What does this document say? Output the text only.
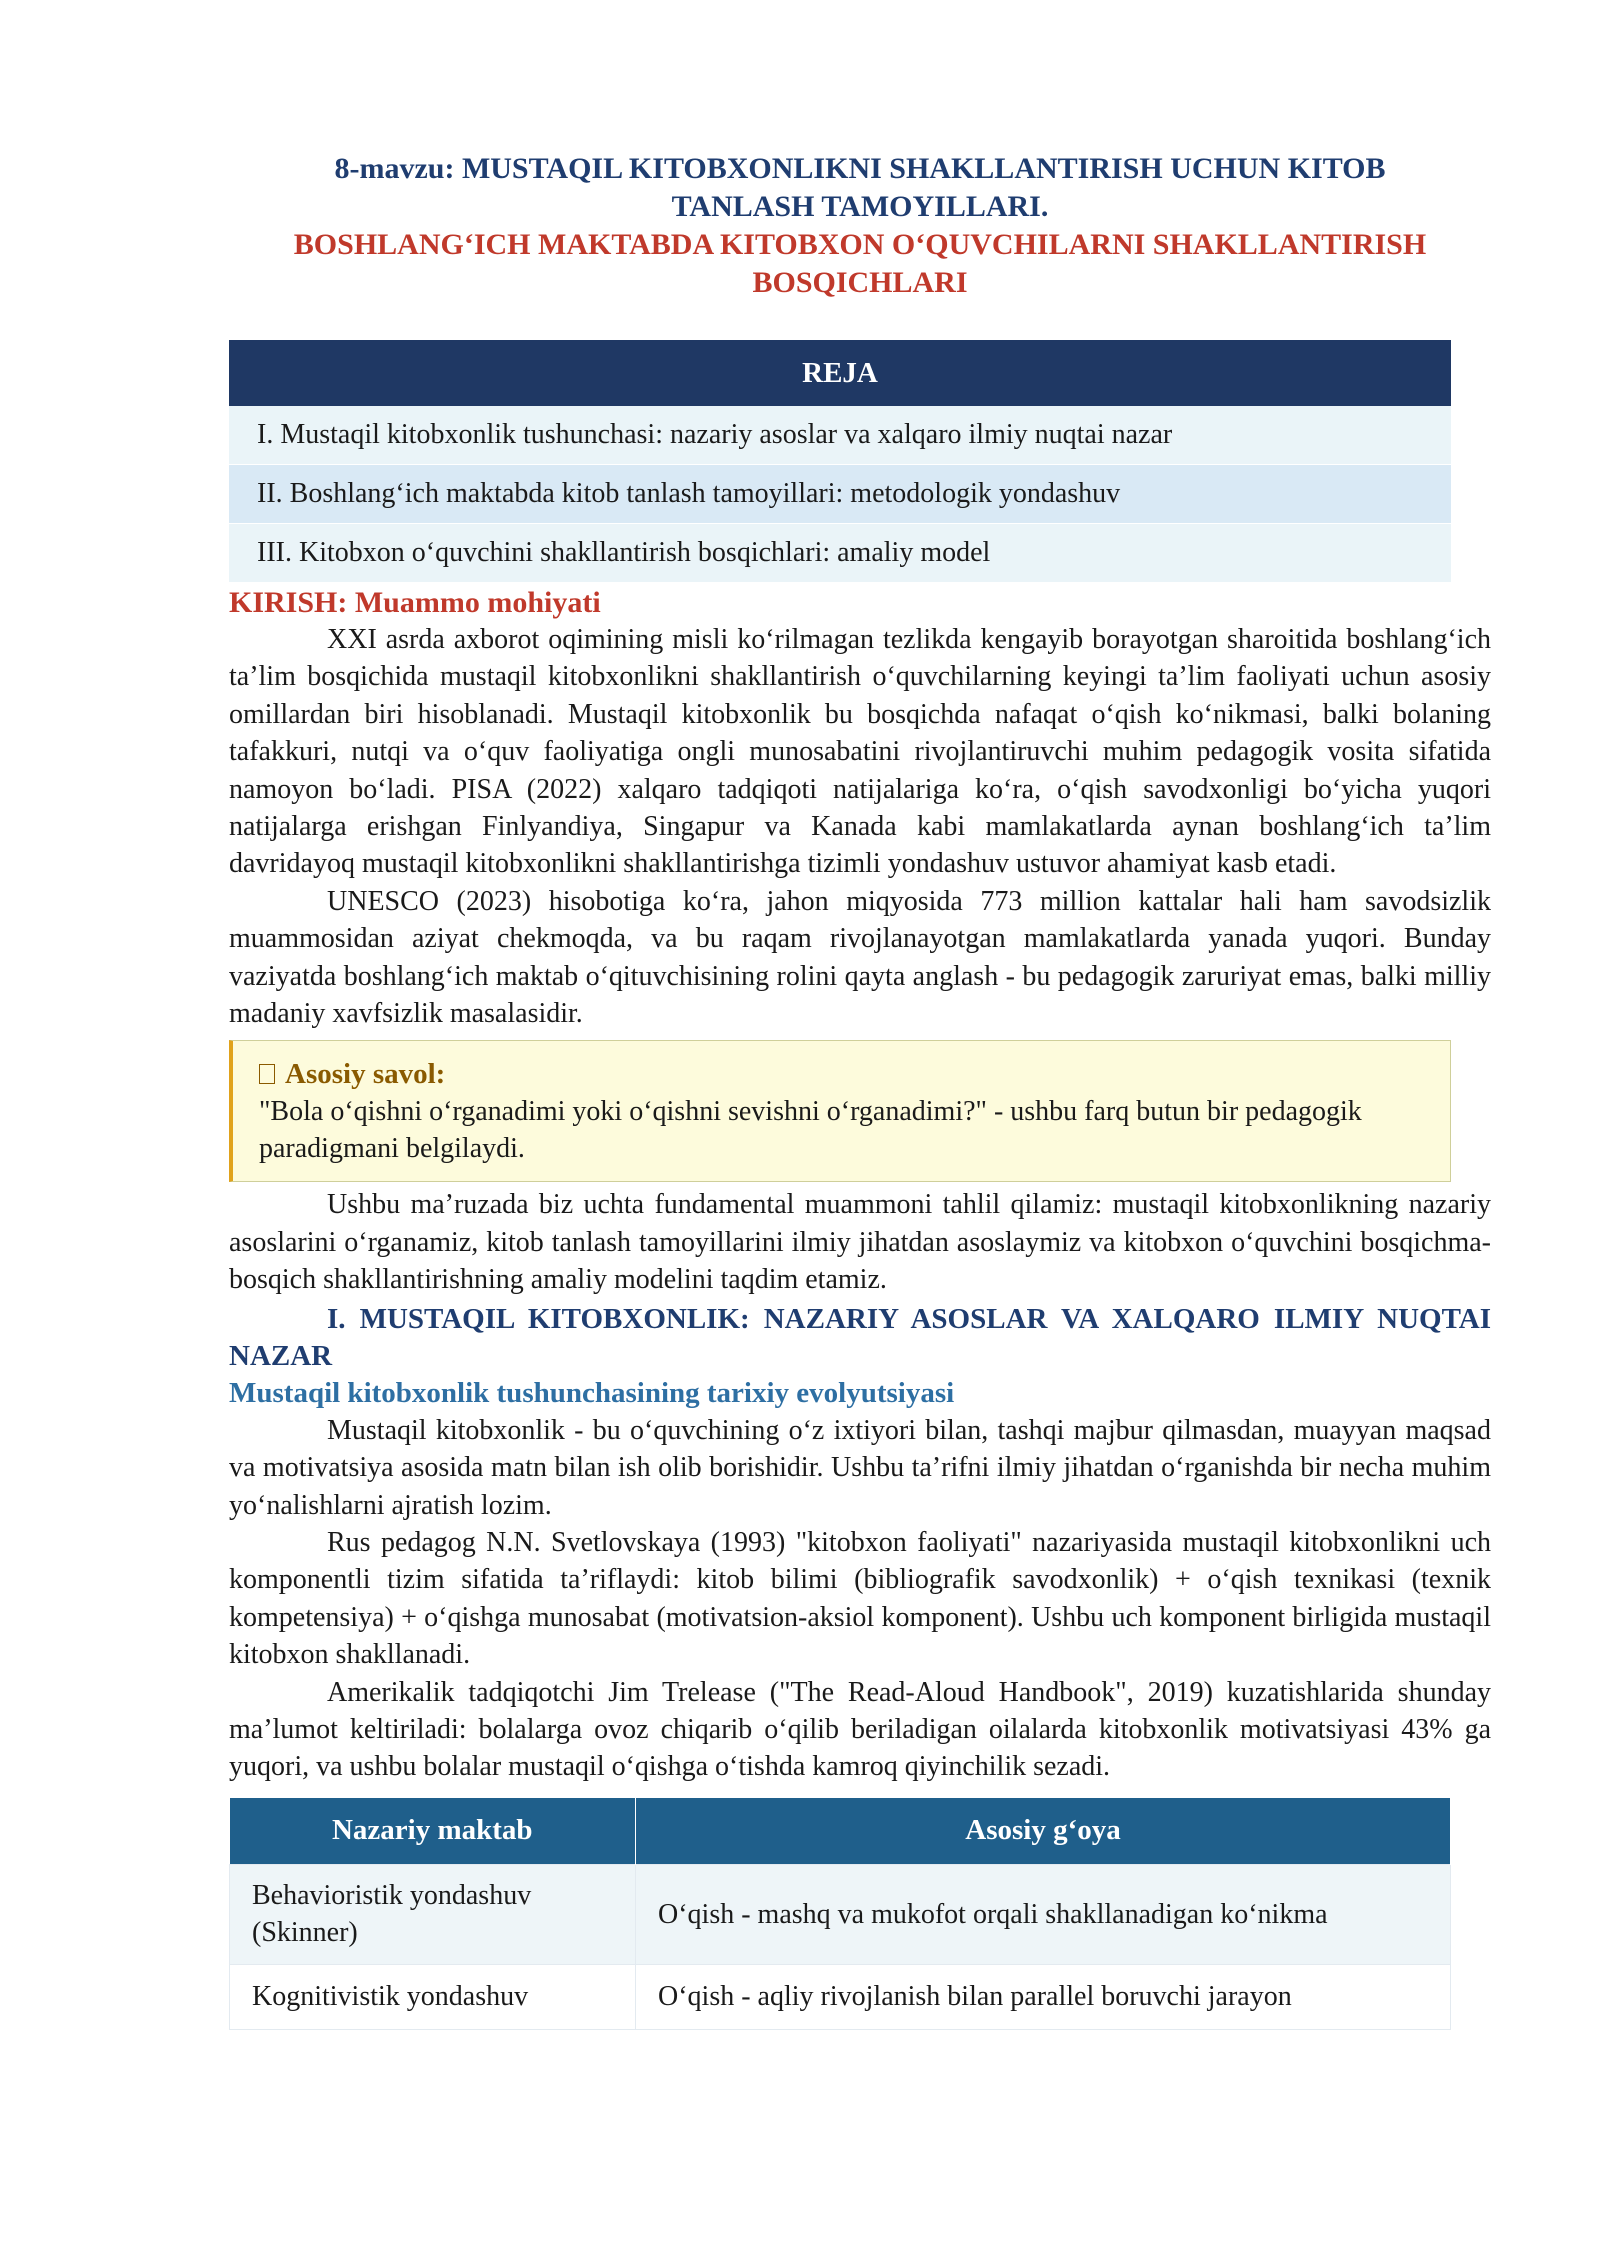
8-mavzu: MUSTAQIL KITOBXONLIKNI SHAKLLANTIRISH UCHUN KITOB
TANLASH TAMOYILLARI.

BOSHLANG‘ICH MAKTABDA KITOBXON O‘QUVCHILARNI SHAKLLANTIRISH
BOSQICHLARI

REJA
I. Mustaqil kitobxonlik tushunchasi: nazariy asoslar va xalqaro ilmiy nuqtai nazar
II. Boshlang‘ich maktabda kitob tanlash tamoyillari: metodologik yondashuv
III. Kitobxon o‘quvchini shakllantirish bosqichlari: amaliy model

KIRISH: Muammo mohiyati

XXI asrda axborot oqimining misli ko‘rilmagan tezlikda kengayib borayotgan sharoitida boshlang‘ich ta’lim bosqichida mustaqil kitobxonlikni shakllantirish o‘quvchilarning keyingi ta’lim faoliyati uchun asosiy omillardan biri hisoblanadi. Mustaqil kitobxonlik bu bosqichda nafaqat o‘qish ko‘nikmasi, balki bolaning tafakkuri, nutqi va o‘quv faoliyatiga ongli munosabatini rivojlantiruvchi muhim pedagogik vosita sifatida namoyon bo‘ladi. PISA (2022) xalqaro tadqiqoti natijalariga ko‘ra, o‘qish savodxonligi bo‘yicha yuqori natijalarga erishgan Finlyandiya, Singapur va Kanada kabi mamlakatlarda aynan boshlang‘ich ta’lim davridayoq mustaqil kitobxonlikni shakllantirishga tizimli yondashuv ustuvor ahamiyat kasb etadi.

UNESCO (2023) hisobotiga ko‘ra, jahon miqyosida 773 million kattalar hali ham savodsizlik muammosidan aziyat chekmoqda, va bu raqam rivojlanayotgan mamlakatlarda yanada yuqori. Bunday vaziyatda boshlang‘ich maktab o‘qituvchisining rolini qayta anglash - bu pedagogik zaruriyat emas, balki milliy madaniy xavfsizlik masalasidir.

Asosiy savol:
"Bola o‘qishni o‘rganadimi yoki o‘qishni sevishni o‘rganadimi?" - ushbu farq butun bir pedagogik paradigmani belgilaydi.

Ushbu ma’ruzada biz uchta fundamental muammoni tahlil qilamiz: mustaqil kitobxonlikning nazariy asoslarini o‘rganamiz, kitob tanlash tamoyillarini ilmiy jihatdan asoslaymiz va kitobxon o‘quvchini bosqichma-bosqich shakllantirishning amaliy modelini taqdim etamiz.

I. MUSTAQIL KITOBXONLIK: NAZARIY ASOSLAR VA XALQARO ILMIY NUQTAI NAZAR

Mustaqil kitobxonlik tushunchasining tarixiy evolyutsiyasi

Mustaqil kitobxonlik - bu o‘quvchining o‘z ixtiyori bilan, tashqi majbur qilmasdan, muayyan maqsad va motivatsiya asosida matn bilan ish olib borishidir. Ushbu ta’rifni ilmiy jihatdan o‘rganishda bir necha muhim yo‘nalishlarni ajratish lozim.

Rus pedagog N.N. Svetlovskaya (1993) "kitobxon faoliyati" nazariyasida mustaqil kitobxonlikni uch komponentli tizim sifatida ta’riflaydi: kitob bilimi (bibliografik savodxonlik) + o‘qish texnikasi (texnik kompetensiya) + o‘qishga munosabat (motivatsion-aksiol komponent). Ushbu uch komponent birligida mustaqil kitobxon shakllanadi.

Amerikalik tadqiqotchi Jim Trelease ("The Read-Aloud Handbook", 2019) kuzatishlarida shunday ma’lumot keltiriladi: bolalarga ovoz chiqarib o‘qilib beriladigan oilalarda kitobxonlik motivatsiyasi 43% ga yuqori, va ushbu bolalar mustaqil o‘qishga o‘tishda kamroq qiyinchilik sezadi.

Nazariy maktab	Asosiy g‘oya
Behavioristik yondashuv (Skinner)	O‘qish - mashq va mukofot orqali shakllanadigan ko‘nikma
Kognitivistik yondashuv	O‘qish - aqliy rivojlanish bilan parallel boruvchi jarayon
